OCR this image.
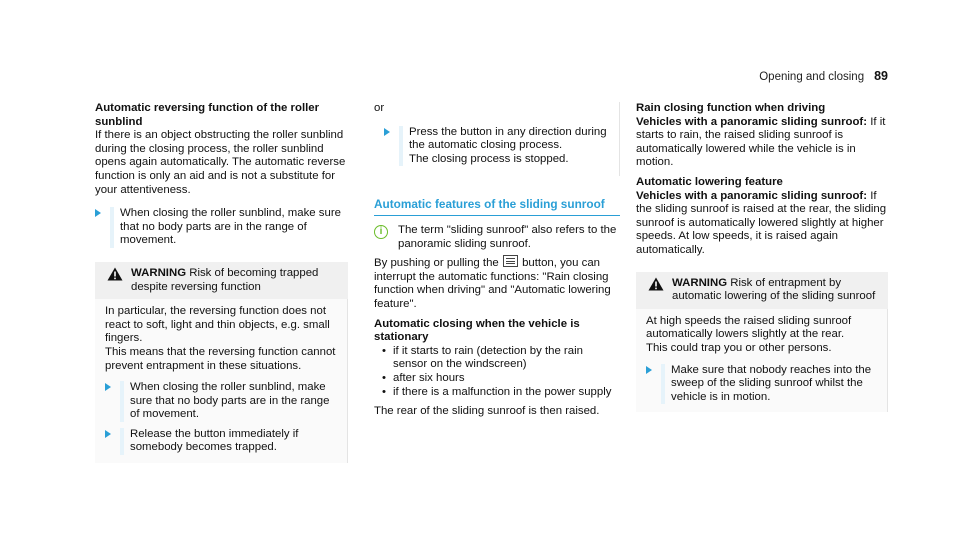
Opening and closing 89

Automatic reversing function of the roller sunblind

If there is an object obstructing the roller sunblind during the closing process, the roller sunblind opens again automatically. The automatic reverse function is only an aid and is not a substitute for your attentiveness.

When closing the roller sunblind, make sure that no body parts are in the range of movement.
WARNING Risk of becoming trapped despite reversing function

In particular, the reversing function does not react to soft, light and thin objects, e.g. small fingers.

This means that the reversing function cannot prevent entrapment in these situations.

When closing the roller sunblind, make sure that no body parts are in the range of movement.
Release the button immediately if somebody becomes trapped.

or

Press the button in any direction during the automatic closing process.
The closing process is stopped.
Automatic features of the sliding sunroof
i	The term "sliding sunroof" also refers to the panoramic sliding sunroof.

By pushing or pulling the button, you can interrupt the automatic functions: "Rain closing function when driving" and "Automatic lowering feature".

Automatic closing when the vehicle is stationary

• if it starts to rain (detection by the rain sensor on the windscreen)
• after six hours
• if there is a malfunction in the power supply

The rear of the sliding sunroof is then raised.

Rain closing function when driving

Vehicles with a panoramic sliding sunroof: If it starts to rain, the raised sliding sunroof is automatically lowered while the vehicle is in motion.

Automatic lowering feature

Vehicles with a panoramic sliding sunroof: If the sliding sunroof is raised at the rear, the sliding sunroof is automatically lowered slightly at higher speeds. At low speeds, it is raised again automatically.

WARNING Risk of entrapment by automatic lowering of the sliding sunroof

At high speeds the raised sliding sunroof automatically lowers slightly at the rear.

This could trap you or other persons.

Make sure that nobody reaches into the sweep of the sliding sunroof whilst the vehicle is in motion.
